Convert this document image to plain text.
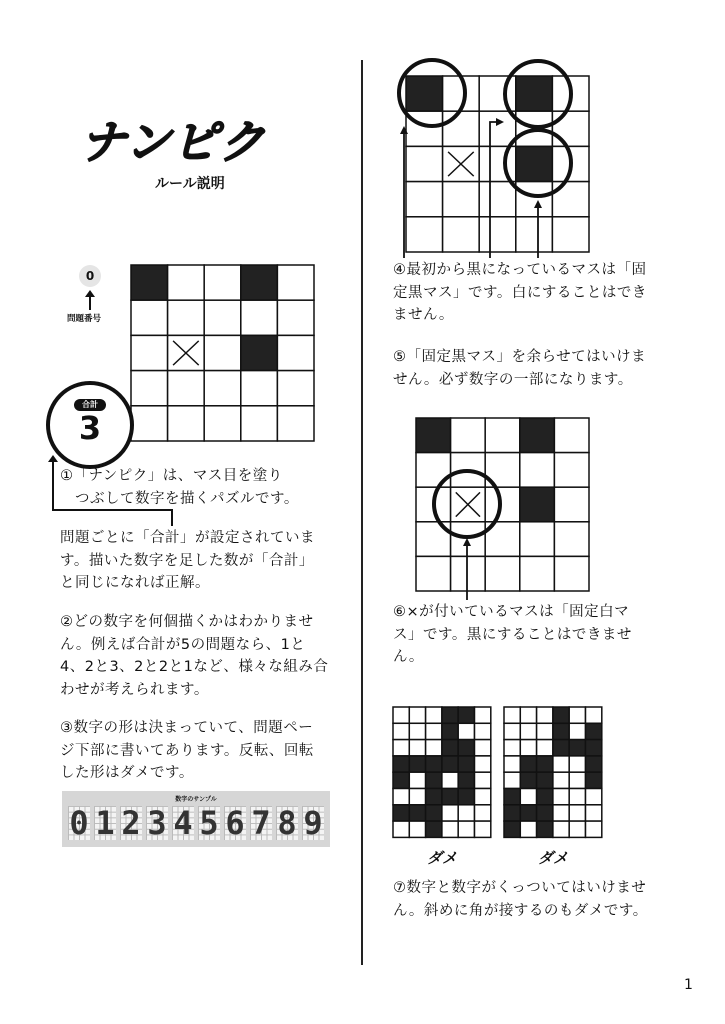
ナンピク
ルール説明
0
問題番号
合計
3
①「ナンピク」は、マス目を塗り
　つぶして数字を描くパズルです。
問題ごとに「合計」が設定されていま
す。描いた数字を足した数が「合計」
と同じになれば正解。
②どの数字を何個描くかはわかりませ
ん。例えば合計が5の問題なら、1と
4、2と3、2と2と1など、様々な組み合
わせが考えられます。
③数字の形は決まっていて、問題ペー
ジ下部に書いてあります。反転、回転
した形はダメです。
数字のサンプル
0 1 2 3 4 5 6 7 8 9
④最初から黒になっているマスは「固
定黒マス」です。白にすることはでき
ません。
⑤「固定黒マス」を余らせてはいけま
せん。必ず数字の一部になります。
⑥×が付いているマスは「固定白マ
ス」です。黒にすることはできませ
ん。
ダメ	ダメ
⑦数字と数字がくっついてはいけませ
ん。斜めに角が接するのもダメです。
1
